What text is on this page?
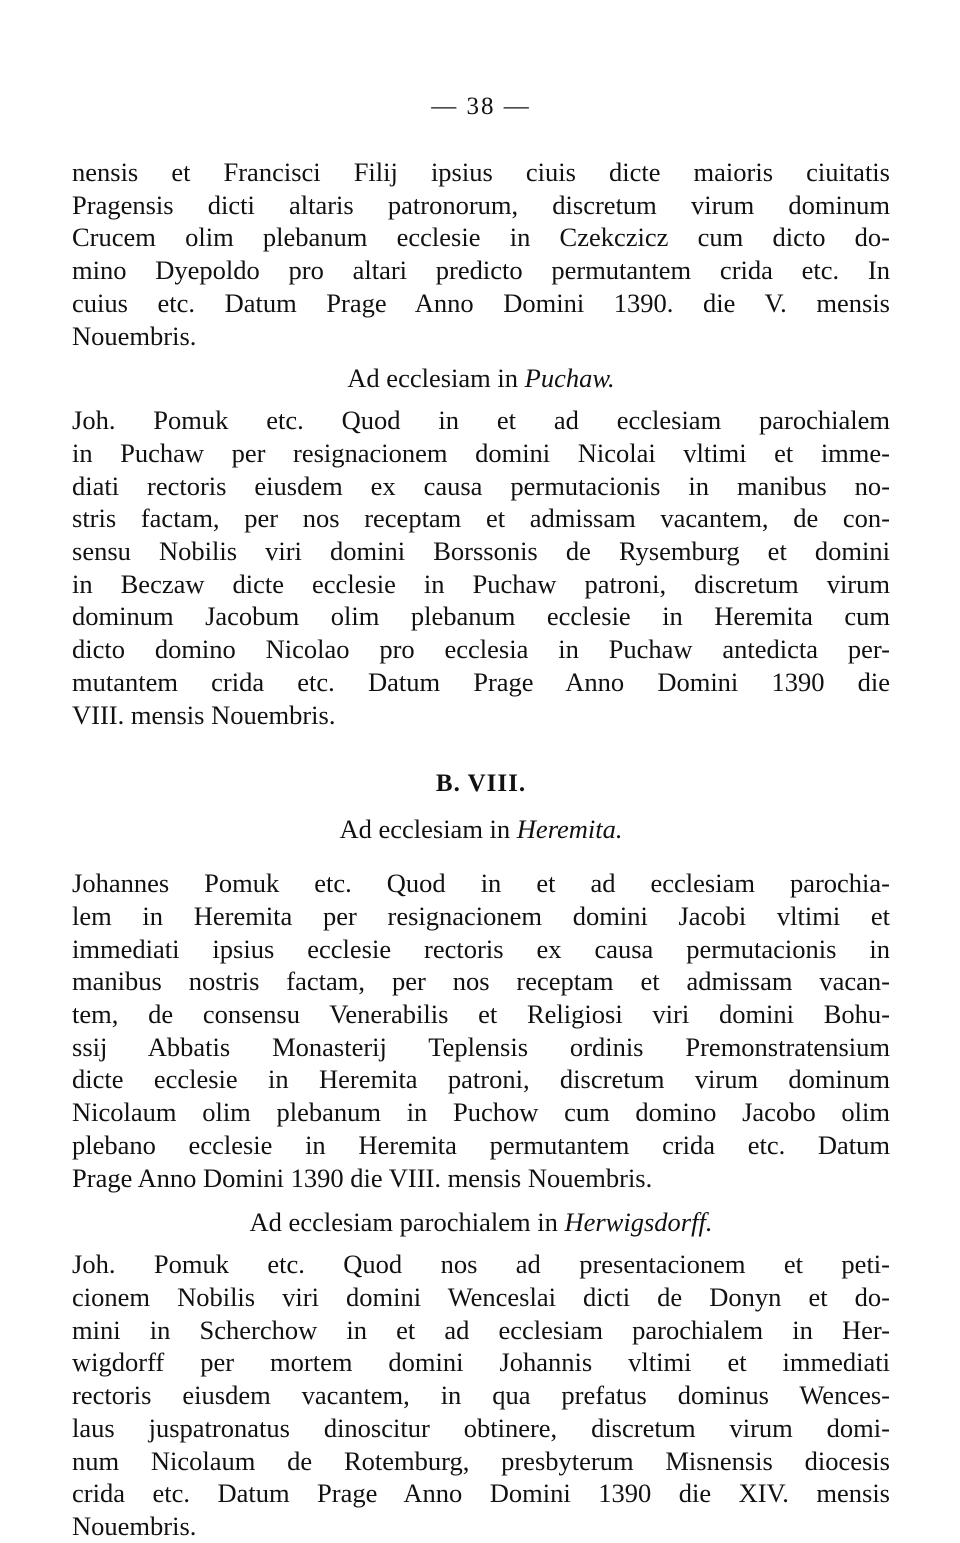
— 38 —
nensis et Francisci Filij ipsius ciuis dicte maioris ciuitatis
Pragensis dicti altaris patronorum, discretum virum dominum
Crucem olim plebanum ecclesie in Czekczicz cum dicto do-
mino Dyepoldo pro altari predicto permutantem crida etc. In
cuius etc. Datum Prage Anno Domini 1390. die V. mensis
Nouembris.
Ad ecclesiam in Puchaw.
Joh. Pomuk etc. Quod in et ad ecclesiam parochialem
in Puchaw per resignacionem domini Nicolai vltimi et imme-
diati rectoris eiusdem ex causa permutacionis in manibus no-
stris factam, per nos receptam et admissam vacantem, de con-
sensu Nobilis viri domini Borssonis de Rysemburg et domini
in Beczaw dicte ecclesie in Puchaw patroni, discretum virum
dominum Jacobum olim plebanum ecclesie in Heremita cum
dicto domino Nicolao pro ecclesia in Puchaw antedicta per-
mutantem crida etc. Datum Prage Anno Domini 1390 die
VIII. mensis Nouembris.
B. VIII.
Ad ecclesiam in Heremita.
Johannes Pomuk etc. Quod in et ad ecclesiam parochia-
lem in Heremita per resignacionem domini Jacobi vltimi et
immediati ipsius ecclesie rectoris ex causa permutacionis in
manibus nostris factam, per nos receptam et admissam vacan-
tem, de consensu Venerabilis et Religiosi viri domini Bohu-
ssij Abbatis Monasterij Teplensis ordinis Premonstratensium
dicte ecclesie in Heremita patroni, discretum virum dominum
Nicolaum olim plebanum in Puchow cum domino Jacobo olim
plebano ecclesie in Heremita permutantem crida etc. Datum
Prage Anno Domini 1390 die VIII. mensis Nouembris.
Ad ecclesiam parochialem in Herwigsdorff.
Joh. Pomuk etc. Quod nos ad presentacionem et peti-
cionem Nobilis viri domini Wenceslai dicti de Donyn et do-
mini in Scherchow in et ad ecclesiam parochialem in Her-
wigdorff per mortem domini Johannis vltimi et immediati
rectoris eiusdem vacantem, in qua prefatus dominus Wences-
laus juspatronatus dinoscitur obtinere, discretum virum domi-
num Nicolaum de Rotemburg, presbyterum Misnensis diocesis
crida etc. Datum Prage Anno Domini 1390 die XIV. mensis
Nouembris.
